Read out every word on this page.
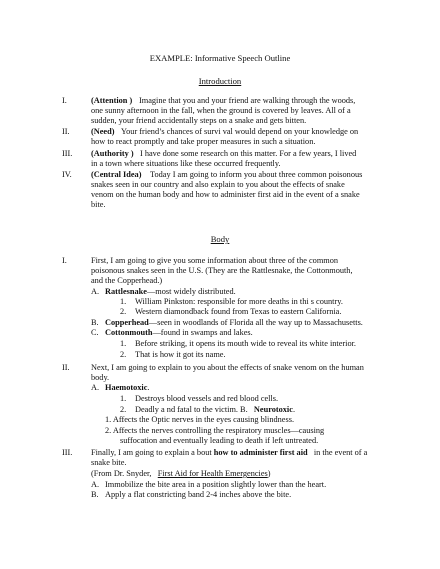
EXAMPLE: Informative Speech Outline
Introduction
I.	(Attention ) Imagine that you and your friend are walking through the woods,
one sunny afternoon in the fall, when the ground is covered by leaves. All of a
sudden, your friend accidentally steps on a snake and gets bitten.
II.	(Need) Your friend’s chances of survi val would depend on your knowledge on
how to react promptly and take proper measures in such a situation.
III. (Authority ) I have done some research on this matter. For a few years, I lived
in a town where situations like these occurred frequently.
IV. (Central Idea) Today I am going to inform you about three common poisonous
snakes seen in our country and also explain to you about the effects of snake
venom on the human body and how to administer first aid in the event of a snake
bite.
Body
I.	First, I am going to give you some information about three of the common
poisonous snakes seen in the U.S. (They are the Rattlesnake, the Cottonmouth,
and the Copperhead.)
A. Rattlesnake—most widely distributed.
1. William Pinkston: responsible for more deaths in thi s country.
2. Western diamondback found from Texas to eastern California.
B. Copperhead—seen in woodlands of Florida all the way up to Massachusetts.
C. Cottonmouth—found in swamps and lakes.
1. Before striking, it opens its mouth wide to reveal its white interior.
2. That is how it got its name.
II.	Next, I am going to explain to you about the effects of snake venom on the human
body.
A. Haemotoxic.
1. Destroys blood vessels and red blood cells.
2. Deadly a nd fatal to the victim. B. Neurotoxic.
1. Affects the Optic nerves in the eyes causing blindness.
2. Affects the nerves controlling the respiratory muscles—causing
suffocation and eventually leading to death if left untreated.
III. Finally, I am going to explain a bout how to administer first aid in the event of a
snake bite.
(From Dr. Snyder, First Aid for Health Emergencies)
A. Immobilize the bite area in a position slightly lower than the heart.
B. Apply a flat constricting band 2-4 inches above the bite.
